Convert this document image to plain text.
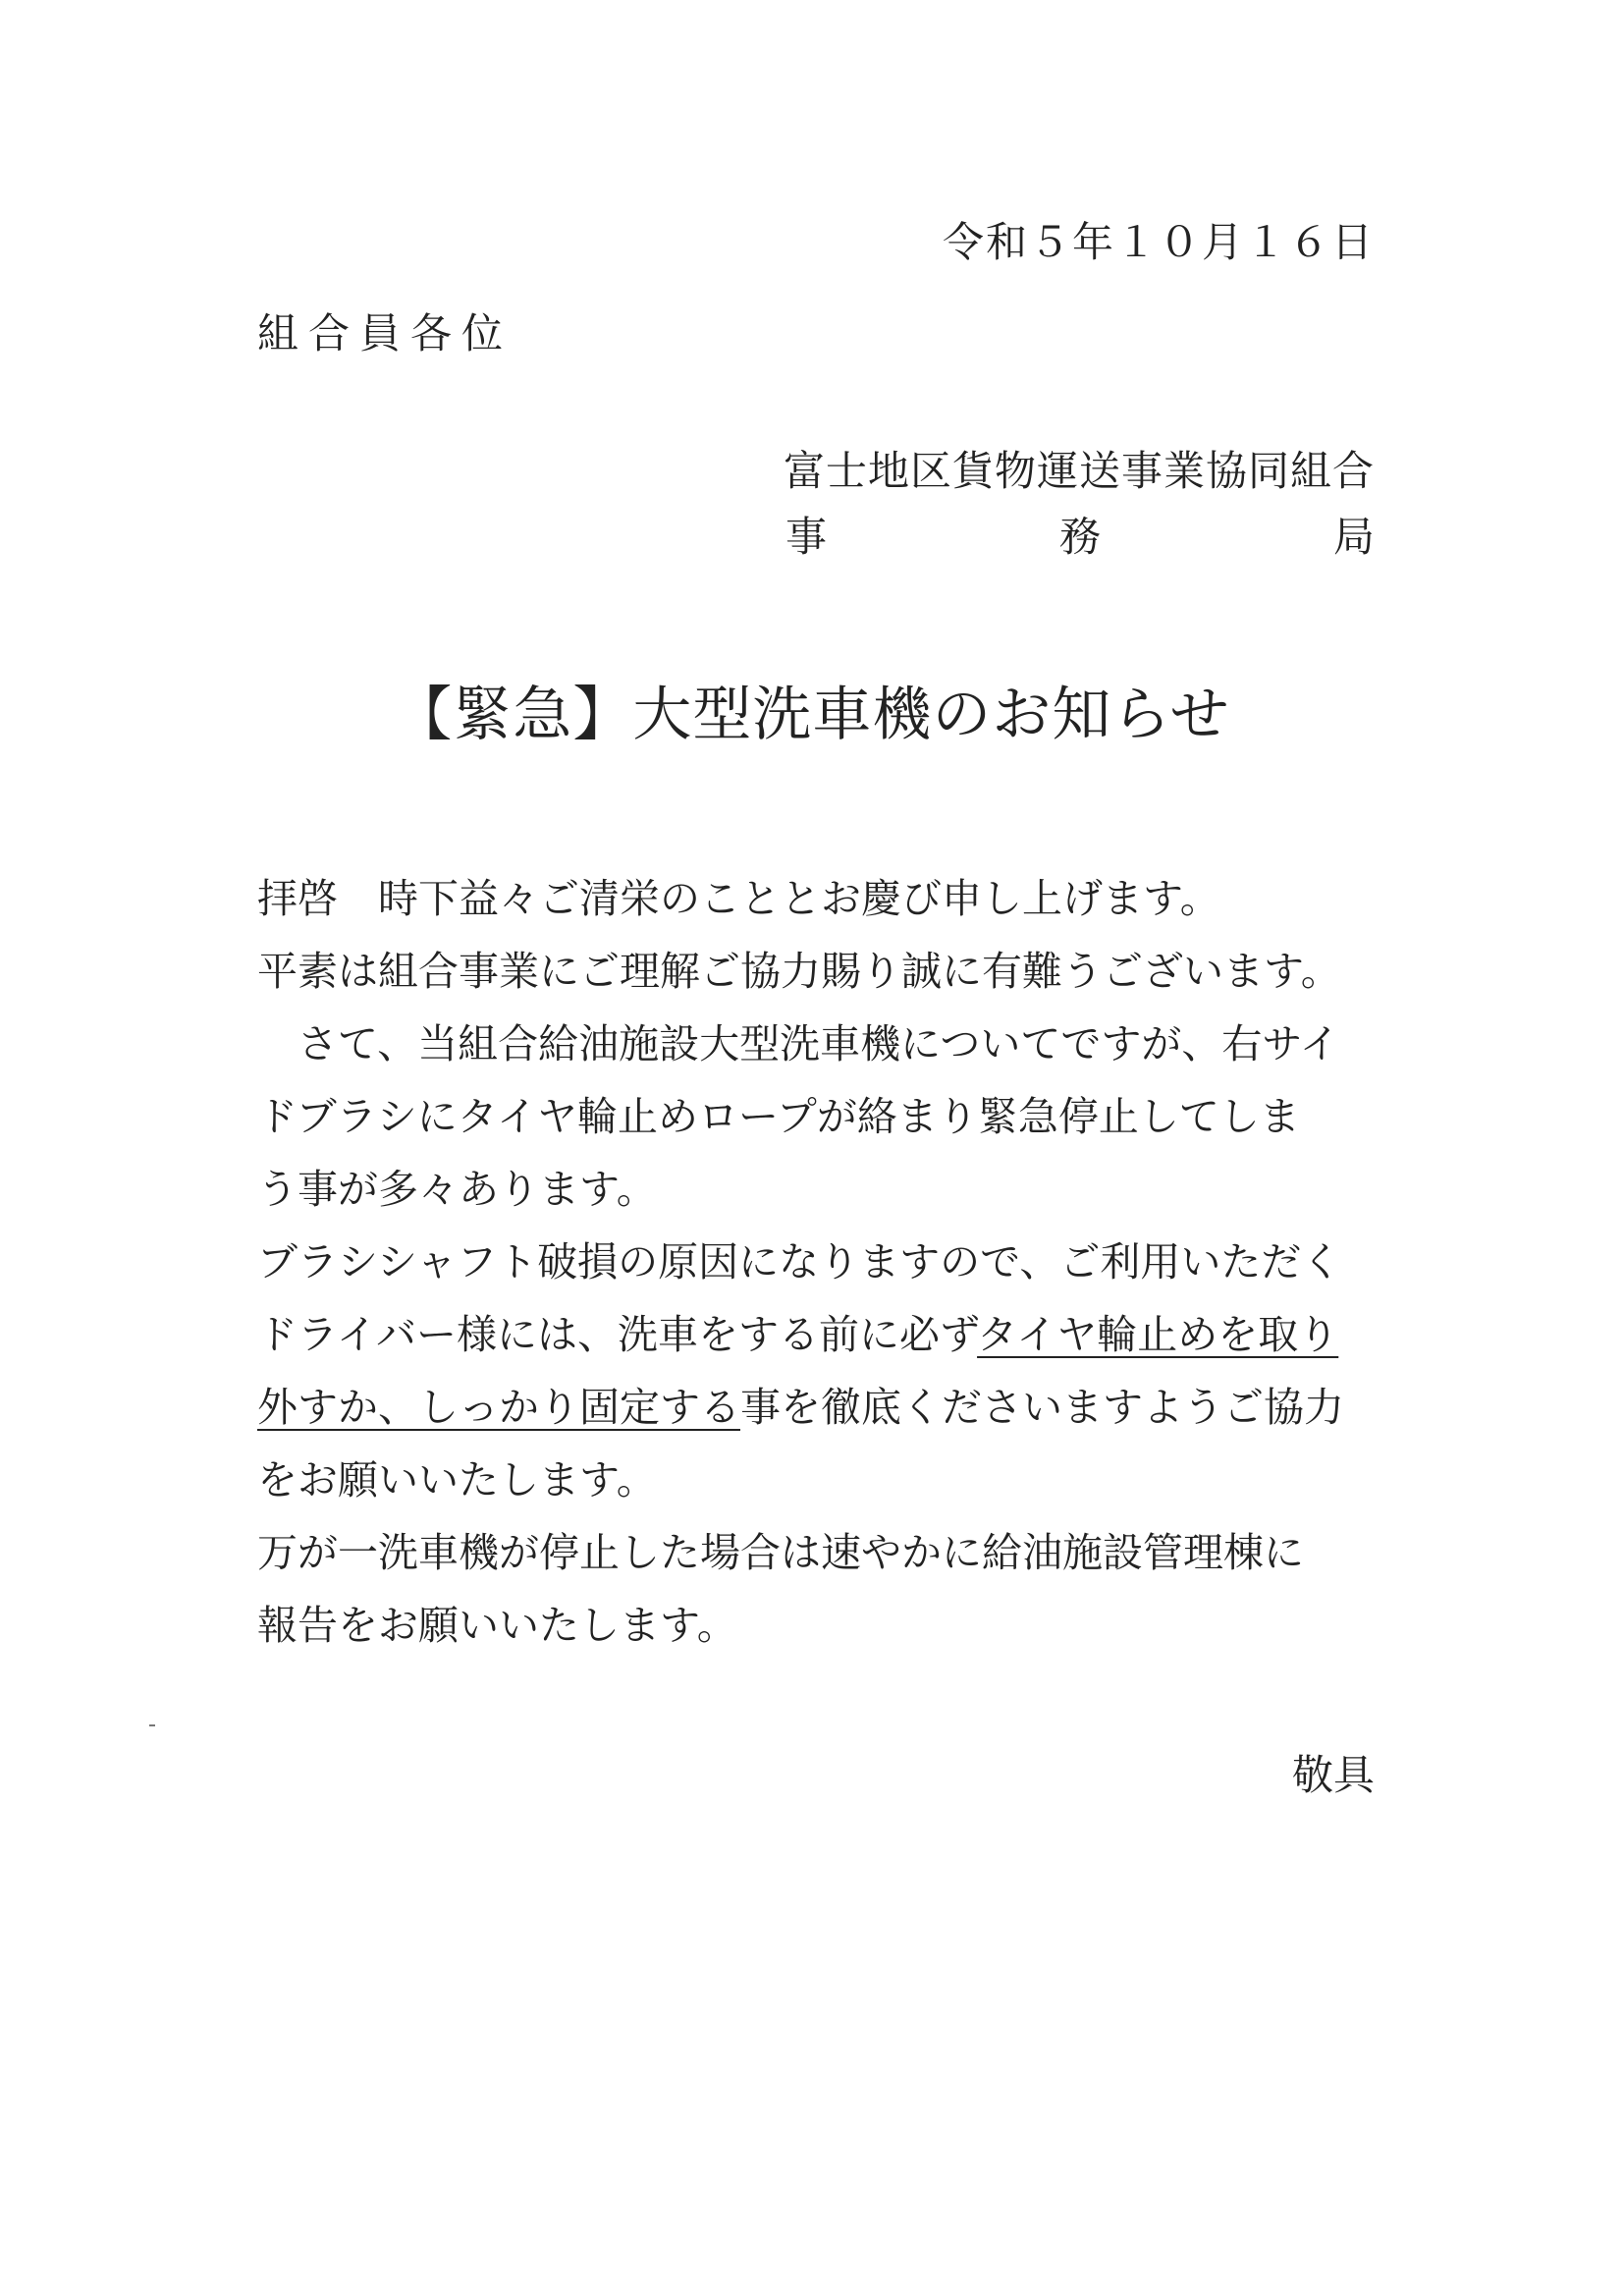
令和５年１０月１６日
組合員各位
富士地区貨物運送事業協同組合
事	務	局
【緊急】大型洗車機のお知らせ
拝啓　時下益々ご清栄のこととお慶び申し上げます。
平素は組合事業にご理解ご協力賜り誠に有難うございます。
　さて、当組合給油施設大型洗車機についてですが、右サイ
ドブラシにタイヤ輪止めロープが絡まり緊急停止してしま
う事が多々あります。
ブラシシャフト破損の原因になりますので、ご利用いただく
ドライバー様には、洗車をする前に必ずタイヤ輪止めを取り
外すか、しっかり固定する事を徹底くださいますようご協力
をお願いいたします。
万が一洗車機が停止した場合は速やかに給油施設管理棟に
報告をお願いいたします。
敬具
